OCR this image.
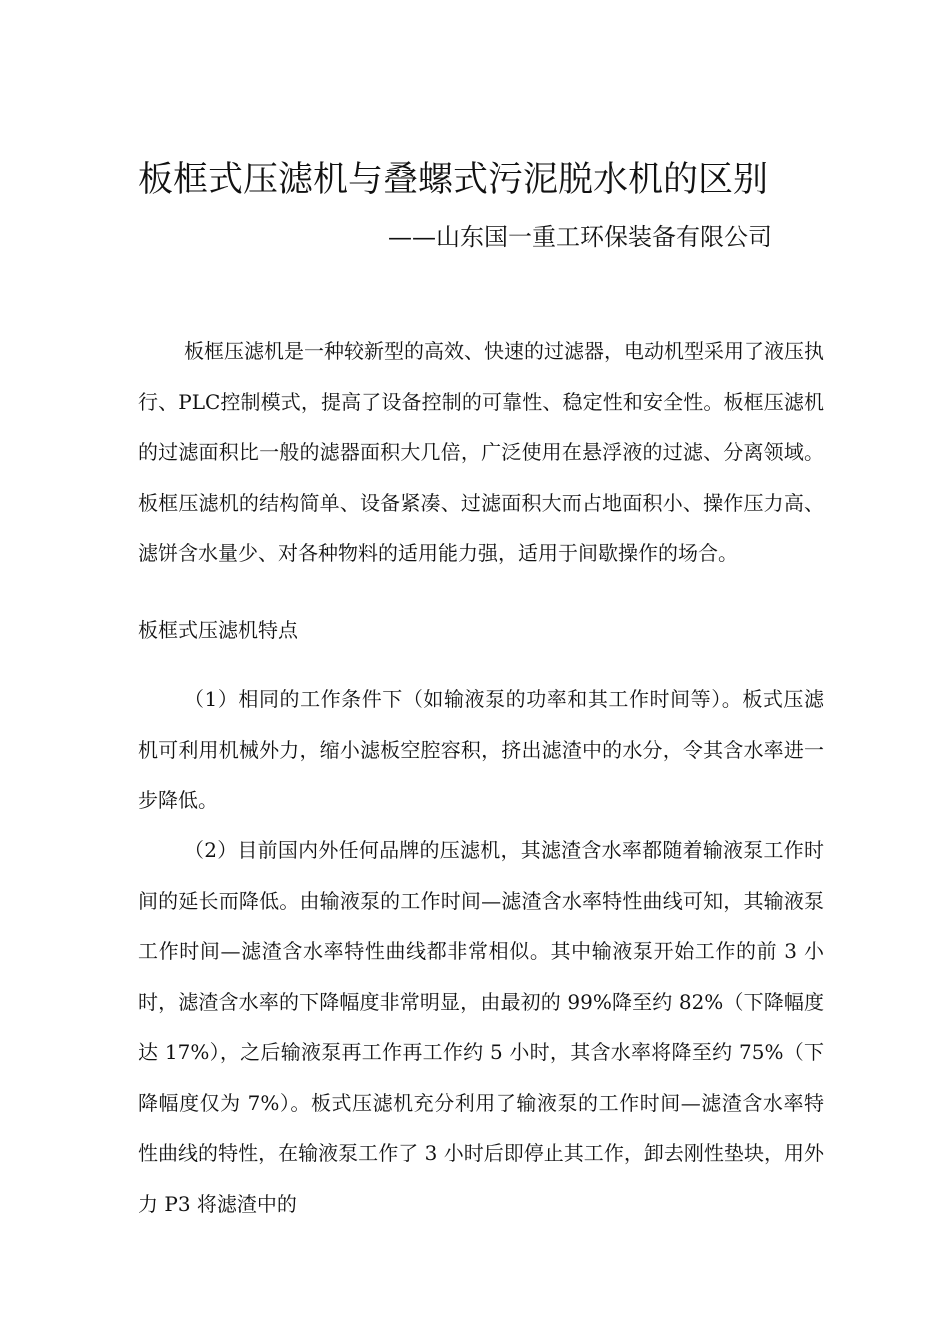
板框式压滤机与叠螺式污泥脱水机的区别
——山东国一重工环保装备有限公司

板框压滤机是一种较新型的高效、快速的过滤器，电动机型采用了液压执行、PLC控制模式，提高了设备控制的可靠性、稳定性和安全性。板框压滤机的过滤面积比一般的滤器面积大几倍，广泛使用在悬浮液的过滤、分离领域。板框压滤机的结构简单、设备紧凑、过滤面积大而占地面积小、操作压力高、滤饼含水量少、对各种物料的适用能力强，适用于间歇操作的场合。

板框式压滤机特点

（1）相同的工作条件下（如输液泵的功率和其工作时间等）。板式压滤机可利用机械外力，缩小滤板空腔容积，挤出滤渣中的水分，令其含水率进一步降低。

（2）目前国内外任何品牌的压滤机，其滤渣含水率都随着输液泵工作时间的延长而降低。由输液泵的工作时间—滤渣含水率特性曲线可知，其输液泵工作时间—滤渣含水率特性曲线都非常相似。其中输液泵开始工作的前 3 小时，滤渣含水率的下降幅度非常明显，由最初的 99%降至约 82%（下降幅度达 17%），之后输液泵再工作再工作约 5 小时，其含水率将降至约 75%（下降幅度仅为 7%）。板式压滤机充分利用了输液泵的工作时间—滤渣含水率特性曲线的特性，在输液泵工作了 3 小时后即停止其工作，卸去刚性垫块，用外力 P3 将滤渣中的
